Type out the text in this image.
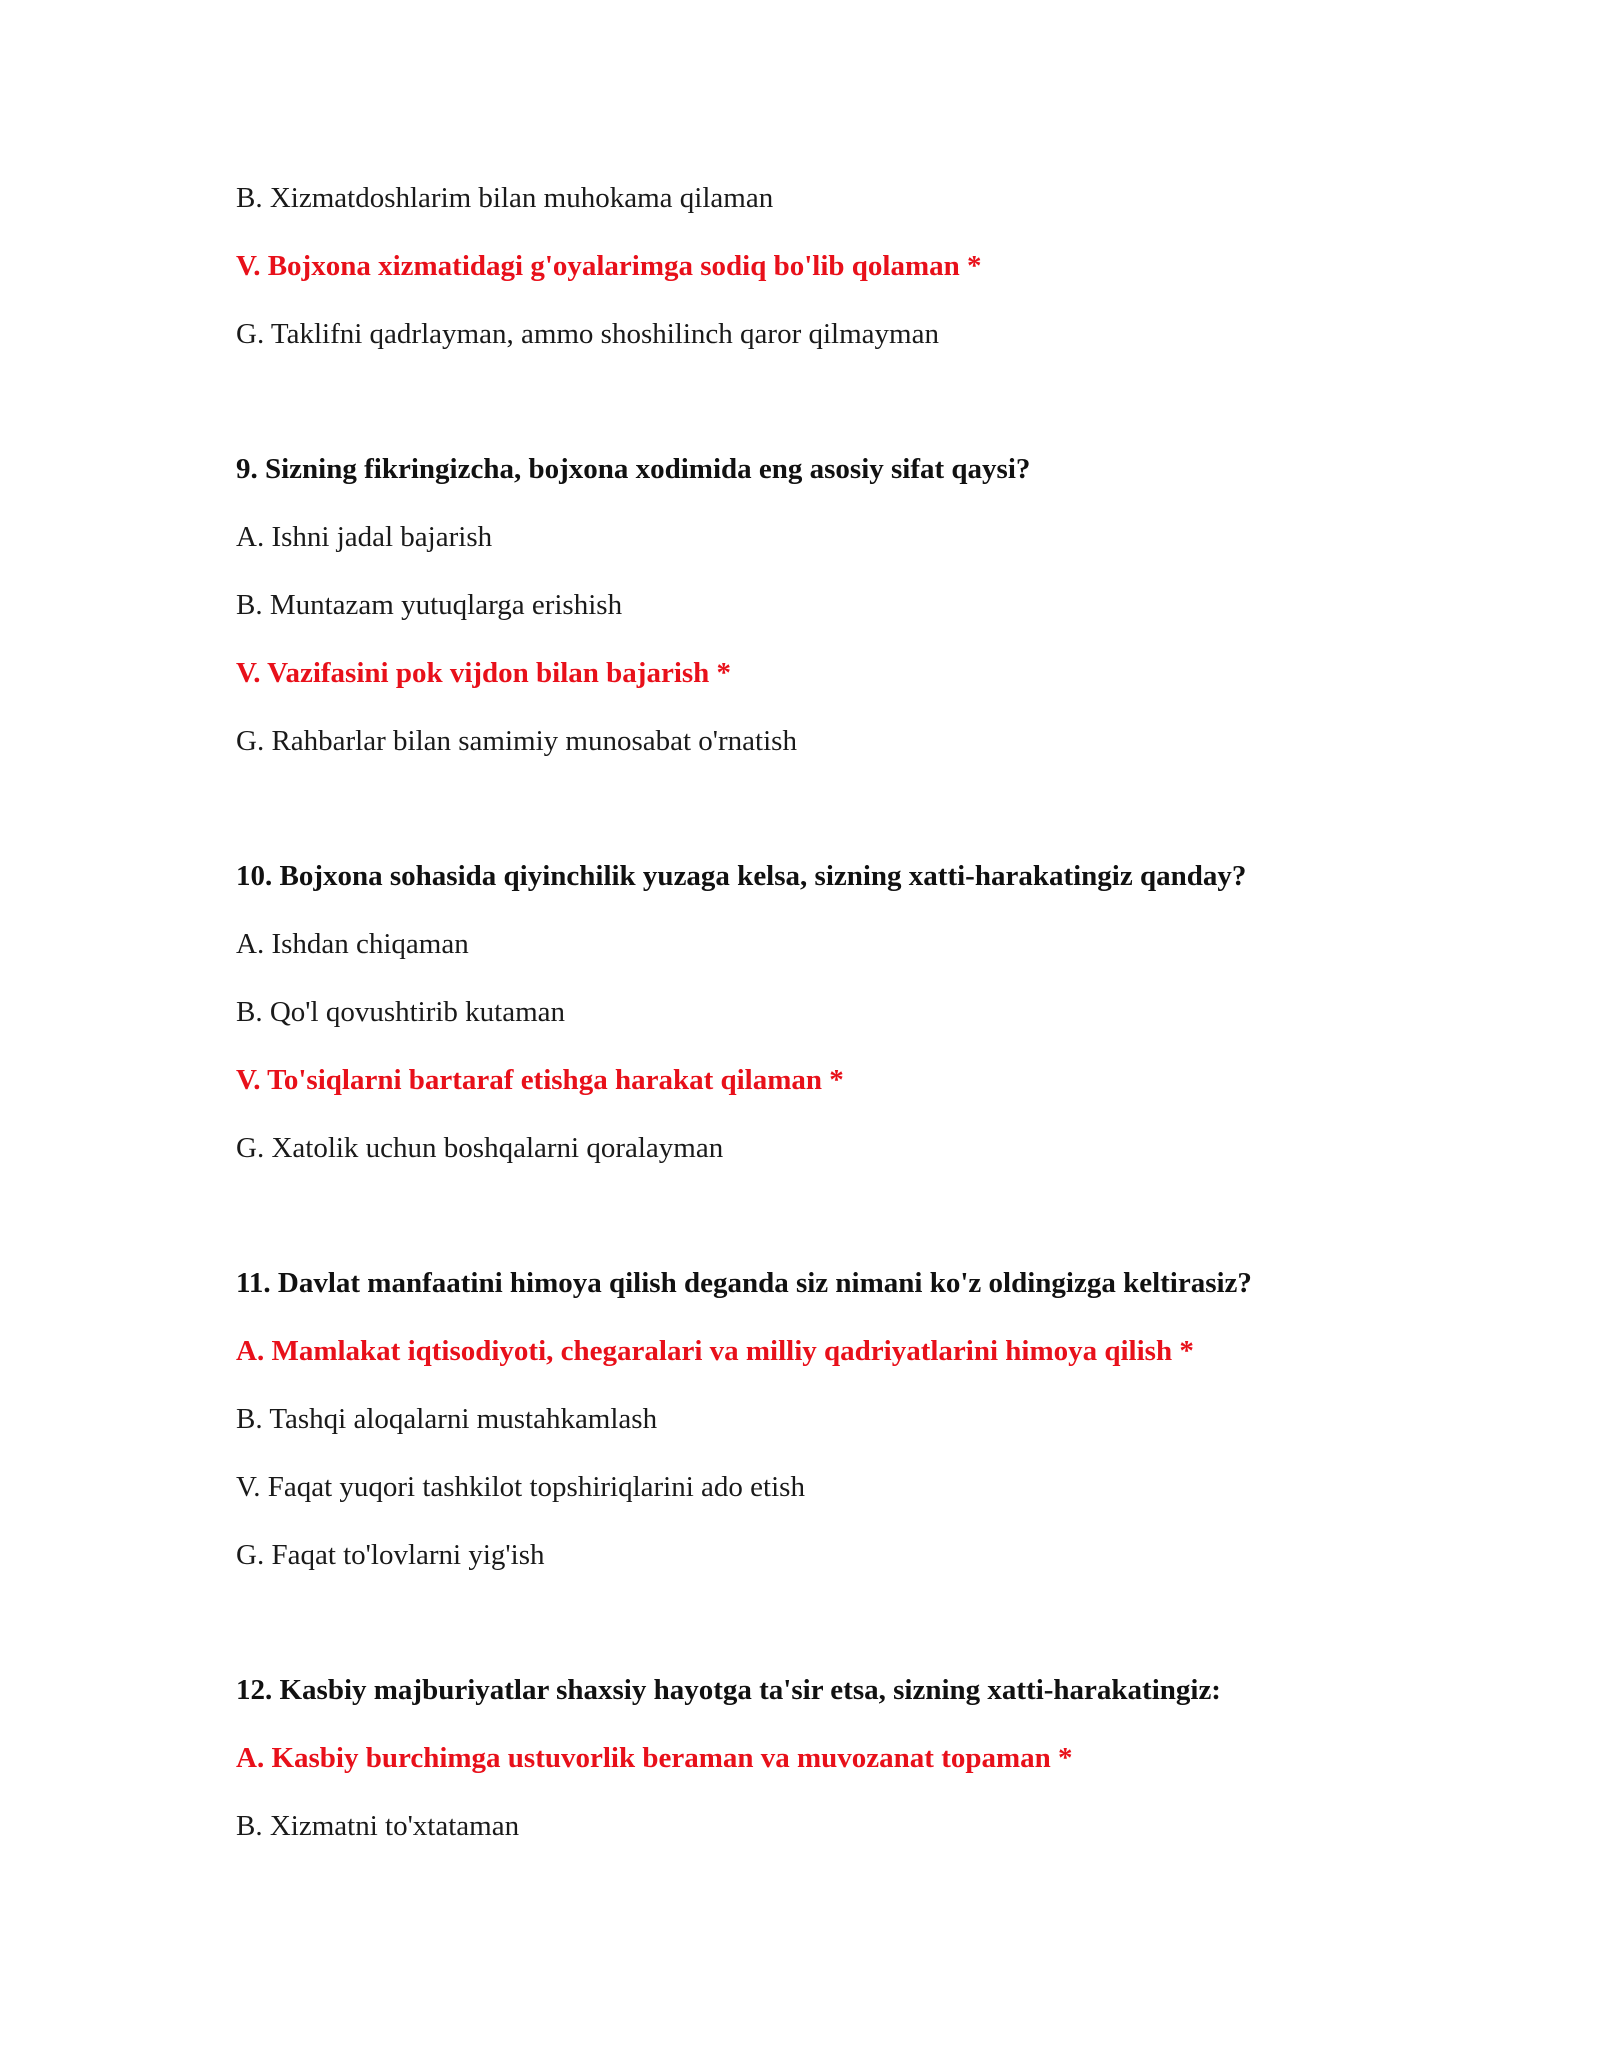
B. Xizmatdoshlarim bilan muhokama qilaman
V. Bojxona xizmatidagi g'oyalarimga sodiq bo'lib qolaman *
G. Taklifni qadrlayman, ammo shoshilinch qaror qilmayman
9. Sizning fikringizcha, bojxona xodimida eng asosiy sifat qaysi?
A. Ishni jadal bajarish
B. Muntazam yutuqlarga erishish
V. Vazifasini pok vijdon bilan bajarish *
G. Rahbarlar bilan samimiy munosabat o'rnatish
10. Bojxona sohasida qiyinchilik yuzaga kelsa, sizning xatti-harakatingiz qanday?
A. Ishdan chiqaman
B. Qo'l qovushtirib kutaman
V. To'siqlarni bartaraf etishga harakat qilaman *
G. Xatolik uchun boshqalarni qoralayman
11. Davlat manfaatini himoya qilish deganda siz nimani ko'z oldingizga keltirasiz?
A. Mamlakat iqtisodiyoti, chegaralari va milliy qadriyatlarini himoya qilish *
B. Tashqi aloqalarni mustahkamlash
V. Faqat yuqori tashkilot topshiriqlarini ado etish
G. Faqat to'lovlarni yig'ish
12. Kasbiy majburiyatlar shaxsiy hayotga ta'sir etsa, sizning xatti-harakatingiz:
A. Kasbiy burchimga ustuvorlik beraman va muvozanat topaman *
B. Xizmatni to'xtataman
